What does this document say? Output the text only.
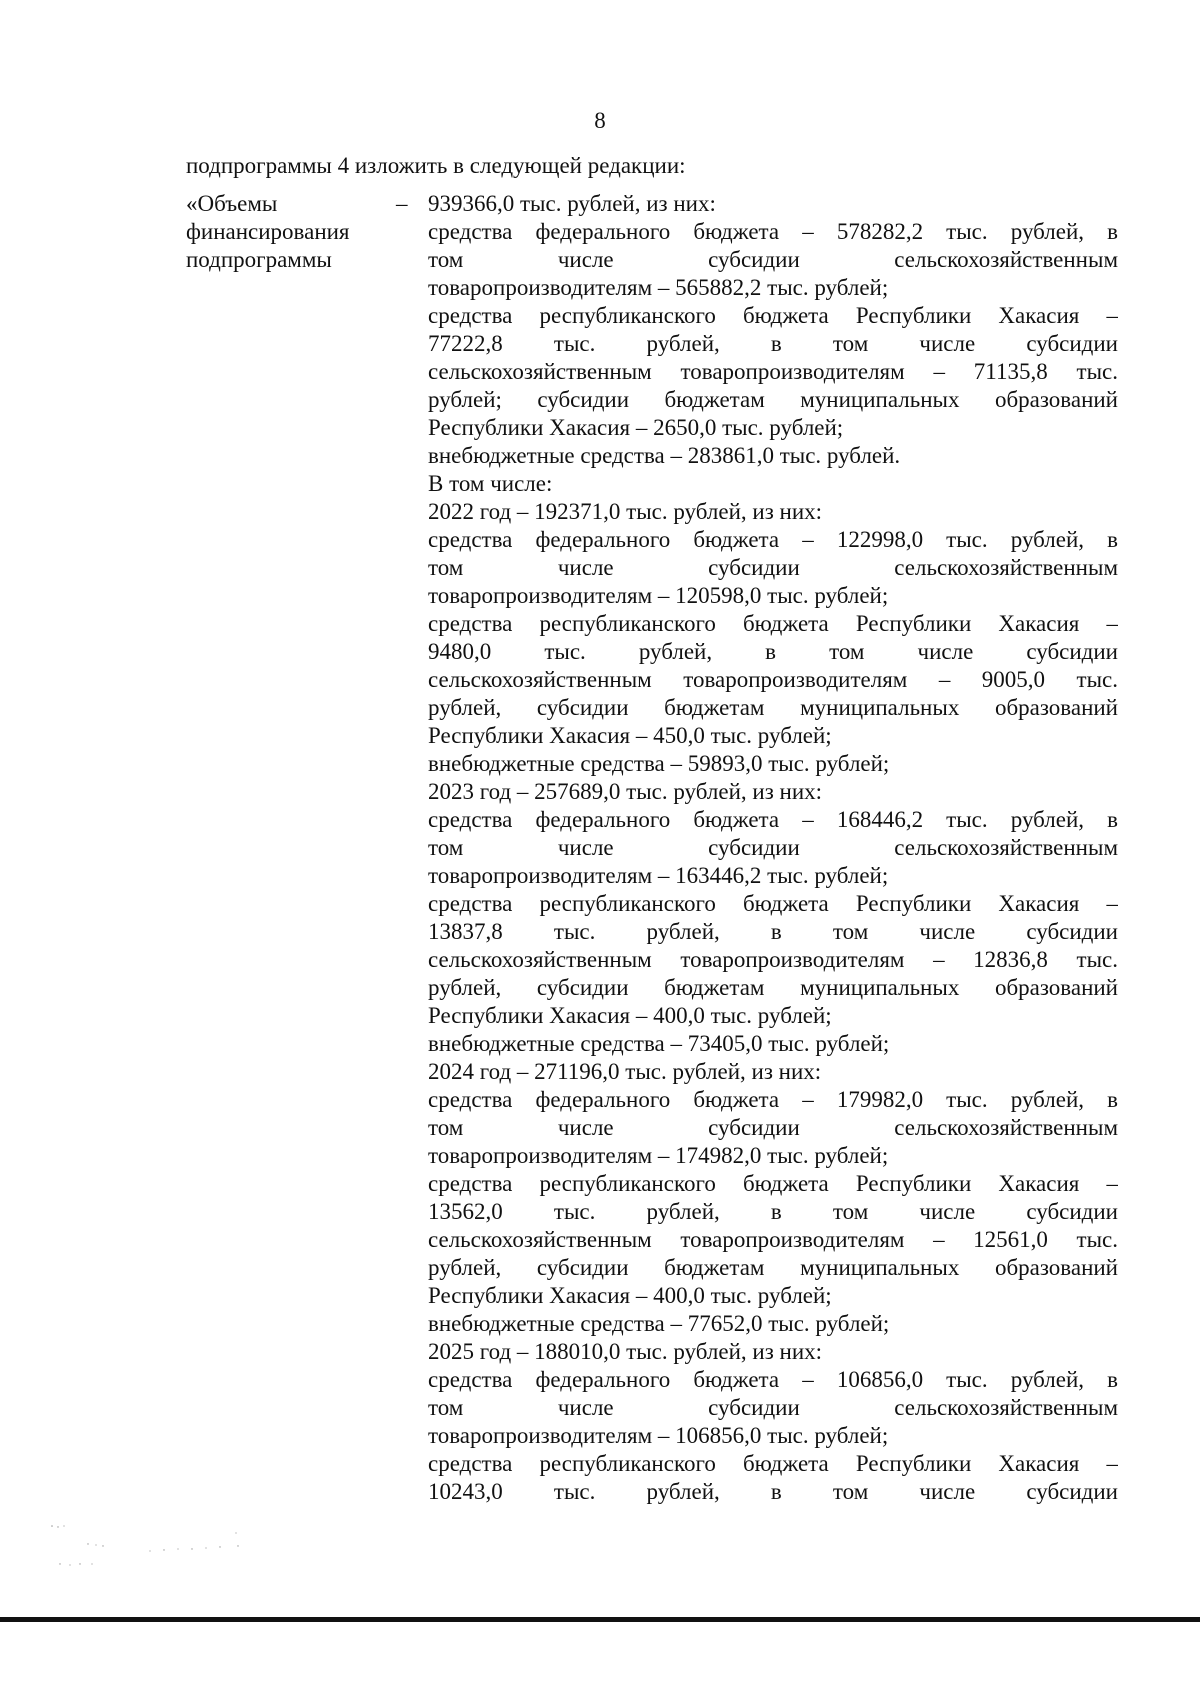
8
подпрограммы 4 изложить в следующей редакции:
«Объемы
финансирования
подпрограммы
– 939366,0 тыс. рублей, из них:
средства федерального бюджета – 578282,2 тыс. рублей, в
том числе субсидии сельскохозяйственным
товаропроизводителям – 565882,2 тыс. рублей;
средства республиканского бюджета Республики Хакасия –
77222,8 тыс. рублей, в том числе субсидии
сельскохозяйственным товаропроизводителям – 71135,8 тыс.
рублей; субсидии бюджетам муниципальных образований
Республики Хакасия – 2650,0 тыс. рублей;
внебюджетные средства – 283861,0 тыс. рублей.
В том числе:
2022 год – 192371,0 тыс. рублей, из них:
средства федерального бюджета – 122998,0 тыс. рублей, в
том числе субсидии сельскохозяйственным
товаропроизводителям – 120598,0 тыс. рублей;
средства республиканского бюджета Республики Хакасия –
9480,0 тыс. рублей, в том числе субсидии
сельскохозяйственным товаропроизводителям – 9005,0 тыс.
рублей, субсидии бюджетам муниципальных образований
Республики Хакасия – 450,0 тыс. рублей;
внебюджетные средства – 59893,0 тыс. рублей;
2023 год – 257689,0 тыс. рублей, из них:
средства федерального бюджета – 168446,2 тыс. рублей, в
том числе субсидии сельскохозяйственным
товаропроизводителям – 163446,2 тыс. рублей;
средства республиканского бюджета Республики Хакасия –
13837,8 тыс. рублей, в том числе субсидии
сельскохозяйственным товаропроизводителям – 12836,8 тыс.
рублей, субсидии бюджетам муниципальных образований
Республики Хакасия – 400,0 тыс. рублей;
внебюджетные средства – 73405,0 тыс. рублей;
2024 год – 271196,0 тыс. рублей, из них:
средства федерального бюджета – 179982,0 тыс. рублей, в
том числе субсидии сельскохозяйственным
товаропроизводителям – 174982,0 тыс. рублей;
средства республиканского бюджета Республики Хакасия –
13562,0 тыс. рублей, в том числе субсидии
сельскохозяйственным товаропроизводителям – 12561,0 тыс.
рублей, субсидии бюджетам муниципальных образований
Республики Хакасия – 400,0 тыс. рублей;
внебюджетные средства – 77652,0 тыс. рублей;
2025 год – 188010,0 тыс. рублей, из них:
средства федерального бюджета – 106856,0 тыс. рублей, в
том числе субсидии сельскохозяйственным
товаропроизводителям – 106856,0 тыс. рублей;
средства республиканского бюджета Республики Хакасия –
10243,0 тыс. рублей, в том числе субсидии
